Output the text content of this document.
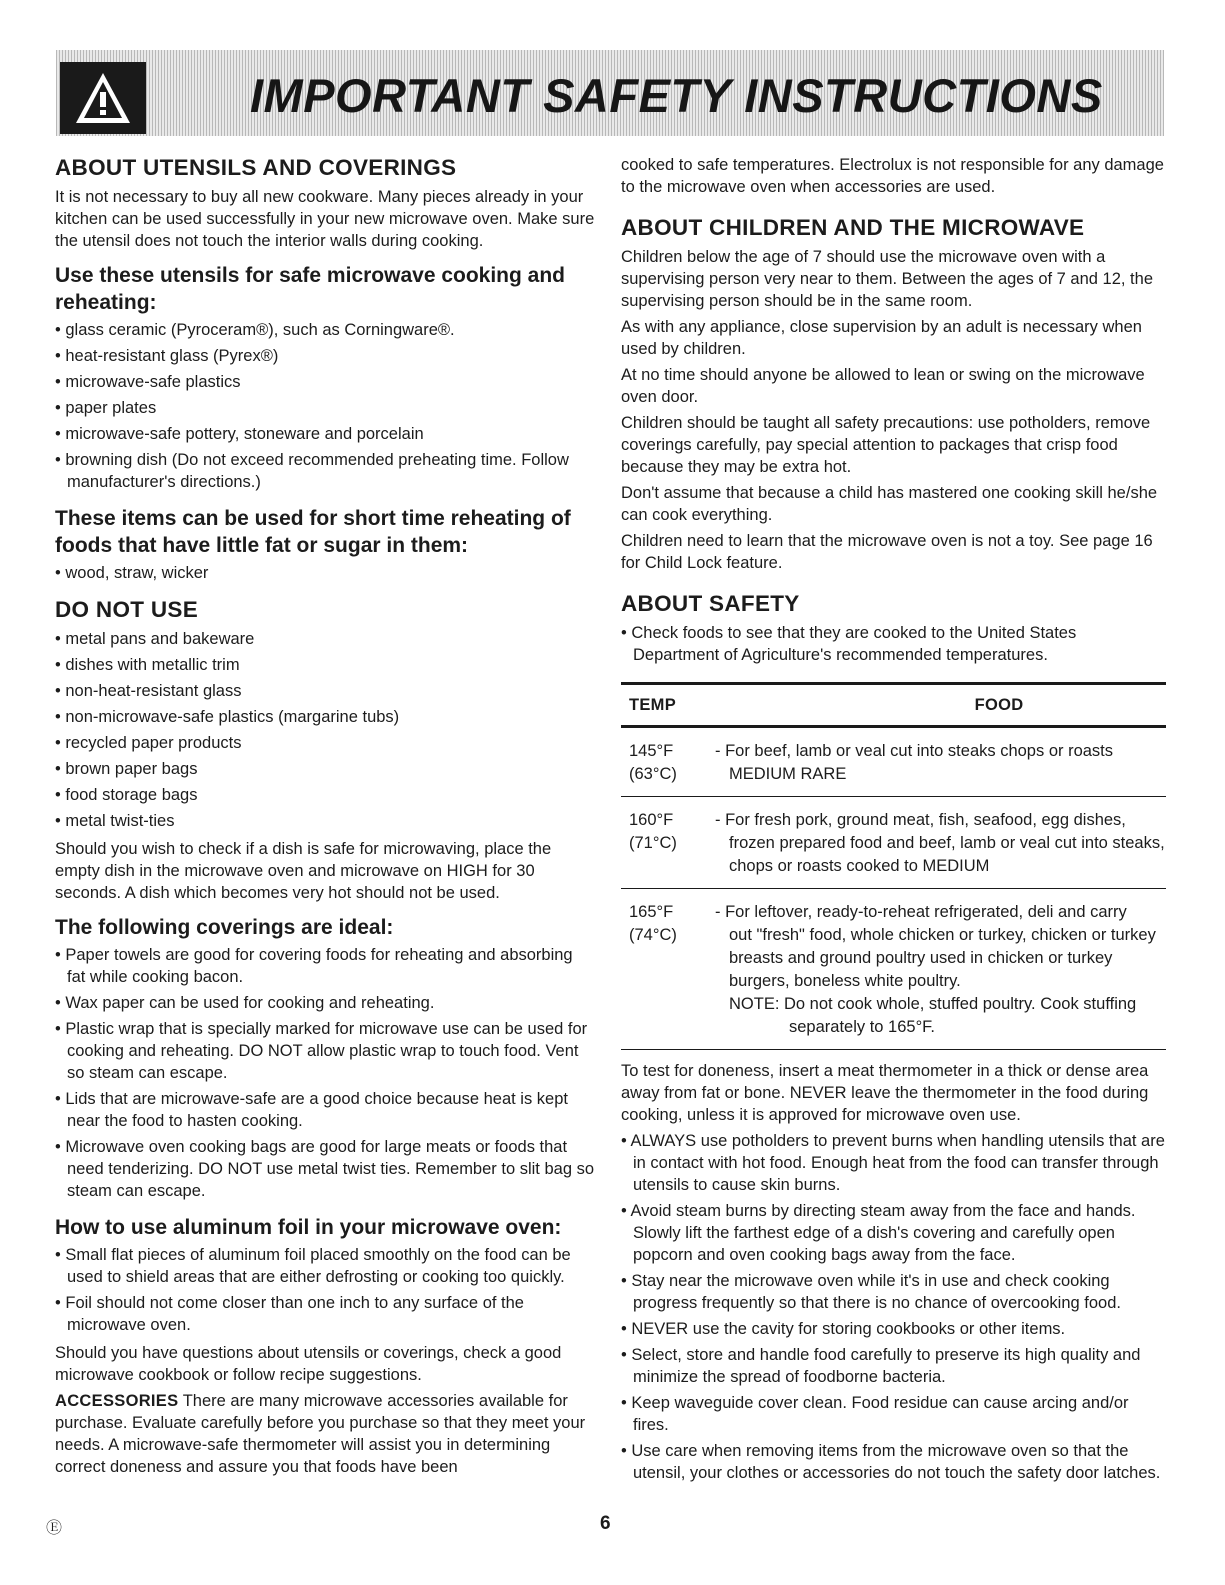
IMPORTANT SAFETY INSTRUCTIONS
ABOUT UTENSILS AND COVERINGS

It is not necessary to buy all new cookware. Many pieces already in your kitchen can be used successfully in your new microwave oven. Make sure the utensil does not touch the interior walls during cooking.

Use these utensils for safe microwave cooking and reheating:
• glass ceramic (Pyroceram®), such as Corningware®.
• heat-resistant glass (Pyrex®)
• microwave-safe plastics
• paper plates
• microwave-safe pottery, stoneware and porcelain
• browning dish (Do not exceed recommended preheating time. Follow manufacturer's directions.)
These items can be used for short time reheating of foods that have little fat or sugar in them:
• wood, straw, wicker
DO NOT USE
• metal pans and bakeware
• dishes with metallic trim
• non-heat-resistant glass
• non-microwave-safe plastics (margarine tubs)
• recycled paper products
• brown paper bags
• food storage bags
• metal twist-ties

Should you wish to check if a dish is safe for microwaving, place the empty dish in the microwave oven and microwave on HIGH for 30 seconds. A dish which becomes very hot should not be used.

The following coverings are ideal:
• Paper towels are good for covering foods for reheating and absorbing fat while cooking bacon.
• Wax paper can be used for cooking and reheating.
• Plastic wrap that is specially marked for microwave use can be used for cooking and reheating. DO NOT allow plastic wrap to touch food. Vent so steam can escape.
• Lids that are microwave-safe are a good choice because heat is kept near the food to hasten cooking.
• Microwave oven cooking bags are good for large meats or foods that need tenderizing. DO NOT use metal twist ties. Remember to slit bag so steam can escape.
How to use aluminum foil in your microwave oven:
• Small flat pieces of aluminum foil placed smoothly on the food can be used to shield areas that are either defrosting or cooking too quickly.
• Foil should not come closer than one inch to any surface of the microwave oven.

Should you have questions about utensils or coverings, check a good microwave cookbook or follow recipe suggestions.

ACCESSORIES There are many microwave accessories available for purchase. Evaluate carefully before you purchase so that they meet your needs. A microwave-safe thermometer will assist you in determining correct doneness and assure you that foods have been

cooked to safe temperatures. Electrolux is not responsible for any damage to the microwave oven when accessories are used.

ABOUT CHILDREN AND THE MICROWAVE

Children below the age of 7 should use the microwave oven with a supervising person very near to them. Between the ages of 7 and 12, the supervising person should be in the same room.

As with any appliance, close supervision by an adult is necessary when used by children.

At no time should anyone be allowed to lean or swing on the microwave oven door.

Children should be taught all safety precautions: use potholders, remove coverings carefully, pay special attention to packages that crisp food because they may be extra hot.

Don't assume that because a child has mastered one cooking skill he/she can cook everything.

Children need to learn that the microwave oven is not a toy. See page 16 for Child Lock feature.

ABOUT SAFETY
• Check foods to see that they are cooked to the United States Department of Agriculture's recommended temperatures.
TEMP	FOOD
145°F
(63°C)
- For beef, lamb or veal cut into steaks chops or roasts
MEDIUM RARE
160°F
(71°C)
- For fresh pork, ground meat, fish, seafood, egg dishes,
frozen prepared food and beef, lamb or veal cut into steaks, chops or roasts cooked to MEDIUM
165°F
(74°C)
- For leftover, ready-to-reheat refrigerated, deli and carry
out "fresh" food, whole chicken or turkey, chicken or turkey breasts and ground poultry used in chicken or turkey burgers, boneless white poultry.
NOTE: Do not cook whole, stuffed poultry. Cook stuffing
separately to 165°F.

To test for doneness, insert a meat thermometer in a thick or dense area away from fat or bone. NEVER leave the thermometer in the food during cooking, unless it is approved for microwave oven use.

• ALWAYS use potholders to prevent burns when handling utensils that are in contact with hot food. Enough heat from the food can transfer through utensils to cause skin burns.
• Avoid steam burns by directing steam away from the face and hands. Slowly lift the farthest edge of a dish's covering and carefully open popcorn and oven cooking bags away from the face.
• Stay near the microwave oven while it's in use and check cooking progress frequently so that there is no chance of overcooking food.
• NEVER use the cavity for storing cookbooks or other items.
• Select, store and handle food carefully to preserve its high quality and minimize the spread of foodborne bacteria.
• Keep waveguide cover clean. Food residue can cause arcing and/or fires.
• Use care when removing items from the microwave oven so that the utensil, your clothes or accessories do not touch the safety door latches.
Ⓔ	6
